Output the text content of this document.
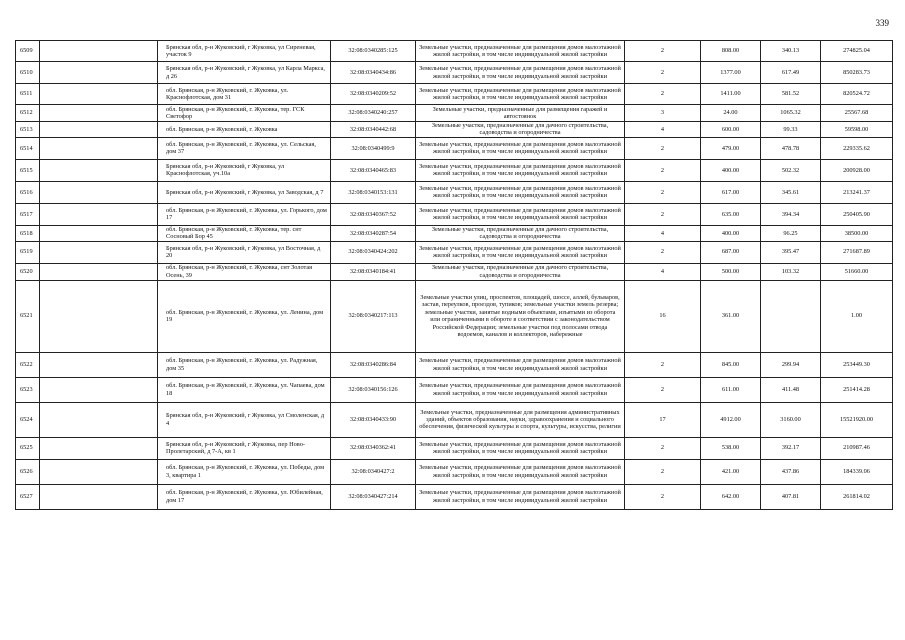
339
6509		Брянская обл, р-н Жуковский, г Жуковка, ул Сиреневая, участок 9	32:08:0340285:125	Земельные участки, предназначенные для размещения домов малоэтажной жилой застройки, в том числе индивидуальной жилой застройки	2	808.00	340.13	274825.04
6510		Брянская обл, р-н Жуковский, г Жуковка, ул Карла Маркса, д 26	32:08:0340434:86	Земельные участки, предназначенные для размещения домов малоэтажной жилой застройки, в том числе индивидуальной жилой застройки	2	1377.00	617.49	850283.73
6511		обл. Брянская, р-н Жуковский, г. Жуковка, ул. Краснофлотская, дом 31	32:08:0340209:52	Земельные участки, предназначенные для размещения домов малоэтажной жилой застройки, в том числе индивидуальной жилой застройки	2	1411.00	581.52	820524.72
6512		обл. Брянская, р-н Жуковский, г. Жуковка, тер. ГСК Светофор	32:08:0340240:257	Земельные участки, предназначенные для размещения гаражей и автостоянок	3	24.00	1065.32	25567.68
6513		обл. Брянская, р-н Жуковский, г. Жуковка	32:08:0340442:68	Земельные участки, предназначенные для дачного строительства, садоводства и огородничества	4	600.00	99.33	59598.00
6514		обл. Брянская, р-н Жуковский, г. Жуковка, ул. Сельская, дом 37	32:08:0340499:9	Земельные участки, предназначенные для размещения домов малоэтажной жилой застройки, в том числе индивидуальной жилой застройки	2	479.00	478.78	229335.62
6515		Брянская обл, р-н Жуковский, г Жуковка, ул Краснофлотская, уч.10а	32:08:0340465:83	Земельные участки, предназначенные для размещения домов малоэтажной жилой застройки, в том числе индивидуальной жилой застройки	2	400.00	502.32	200928.00
6516		Брянская обл, р-н Жуковский, г Жуковка, ул Заводская, д 7	32:08:0340153:131	Земельные участки, предназначенные для размещения домов малоэтажной жилой застройки, в том числе индивидуальной жилой застройки	2	617.00	345.61	213241.37
6517		обл. Брянская, р-н Жуковский, г. Жуковка, ул. Горького, дом 17	32:08:0340367:52	Земельные участки, предназначенные для размещения домов малоэтажной жилой застройки, в том числе индивидуальной жилой застройки	2	635.00	394.34	250405.90
6518		обл. Брянская, р-н Жуковский, г. Жуковка, тер. снт Сосновый Бор 45	32:08:0340287:54	Земельные участки, предназначенные для дачного строительства, садоводства и огородничества	4	400.00	96.25	38500.00
6519		Брянская обл, р-н Жуковский, г Жуковка, ул Восточная, д 20	32:08:0340424:202	Земельные участки, предназначенные для размещения домов малоэтажной жилой застройки, в том числе индивидуальной жилой застройки	2	687.00	395.47	271687.89
6520		обл. Брянская, р-н Жуковский, г. Жуковка, снт Золотая Осень, 39	32:08:0340184:41	Земельные участки, предназначенные для дачного строительства, садоводства и огородничества	4	500.00	103.32	51660.00
6521		обл. Брянская, р-н Жуковский, г. Жуковка, ул. Ленина, дом 19	32:08:0340217:113	Земельные участки улиц, проспектов, площадей, шоссе, аллей, бульваров, застав, переулков, проездов, тупиков; земельные участки земель резерва; земельные участки, занятые водными объектами, изъятыми из оборота или ограниченными в обороте в соответствии с законодательством Российской Федерации; земельные участки под полосами отвода водоемов, каналов и коллекторов, набережные	16	361.00		1.00
6522		обл. Брянская, р-н Жуковский, г. Жуковка, ул. Радужная, дом 35	32:08:0340286:84	Земельные участки, предназначенные для размещения домов малоэтажной жилой застройки, в том числе индивидуальной жилой застройки	2	845.00	299.94	253449.30
6523		обл. Брянская, р-н Жуковский, г. Жуковка, ул. Чапаева, дом 18	32:08:0340156:126	Земельные участки, предназначенные для размещения домов малоэтажной жилой застройки, в том числе индивидуальной жилой застройки	2	611.00	411.48	251414.28
6524		Брянская обл, р-н Жуковский, г Жуковка, ул Смоленская, д 4	32:08:0340433:90	Земельные участки, предназначенные для размещения административных зданий, объектов образования, науки, здравоохранения и социального обеспечения, физической культуры и спорта, культуры, искусства, религии	17	4912.00	3160.00	15521920.00
6525		Брянская обл, р-н Жуковский, г Жуковка, пер Ново-Пролетарский, д 7-А, кв 1	32:08:0340362:41	Земельные участки, предназначенные для размещения домов малоэтажной жилой застройки, в том числе индивидуальной жилой застройки	2	538.00	392.17	210987.46
6526		обл. Брянская, р-н Жуковский, г. Жуковка, ул. Победы, дом 3, квартира 1	32:08:0340427:2	Земельные участки, предназначенные для размещения домов малоэтажной жилой застройки, в том числе индивидуальной жилой застройки	2	421.00	437.86	184339.06
6527		обл. Брянская, р-н Жуковский, г. Жуковка, ул. Юбилейная, дом 17	32:08:0340427:214	Земельные участки, предназначенные для размещения домов малоэтажной жилой застройки, в том числе индивидуальной жилой застройки	2	642.00	407.81	261814.02
